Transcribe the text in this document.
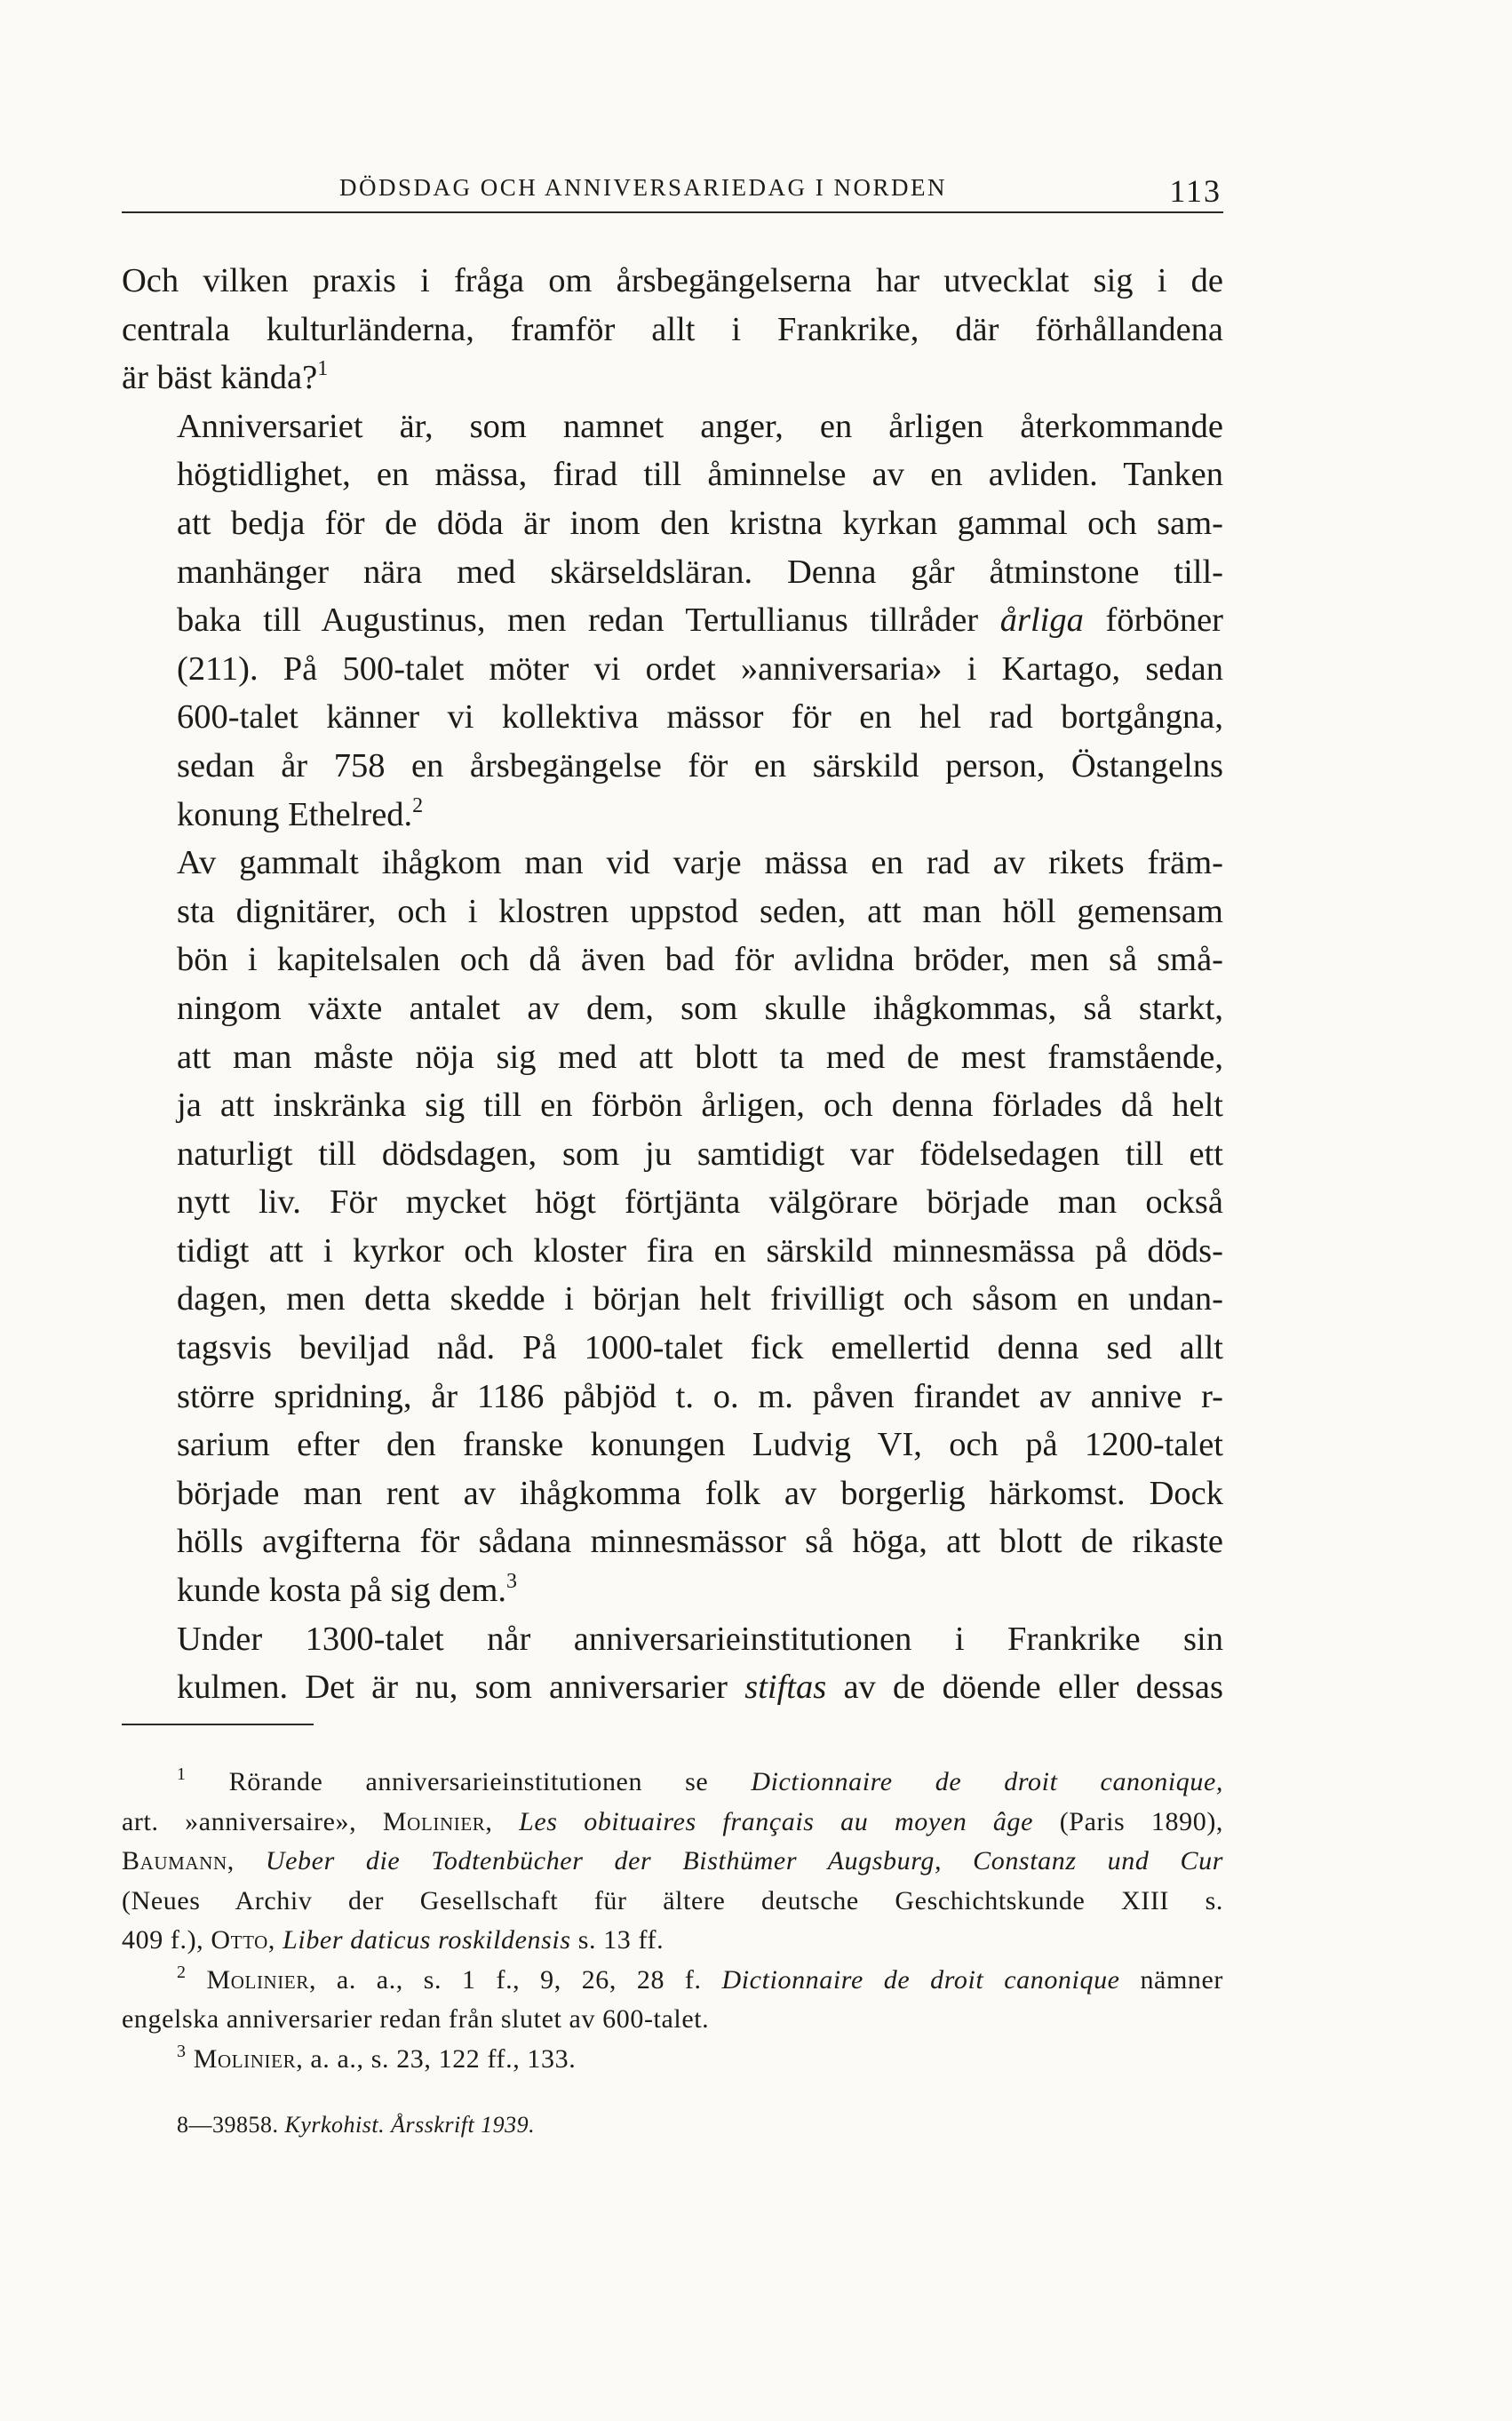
DÖDSDAG OCH ANNIVERSARIEDAG I NORDEN	113

Och vilken praxis i fråga om årsbegängelserna har utvecklat sig i de
centrala kulturländerna, framför allt i Frankrike, där förhållandena
är bäst kända?$^1$

Anniversariet är, som namnet anger, en årligen återkommande
högtidlighet, en mässa, firad till åminnelse av en avliden. Tanken
att bedja för de döda är inom den kristna kyrkan gammal och sam-
manhänger nära med skärseldsläran. Denna går åtminstone till-
baka till Augustinus, men redan Tertullianus tillråder årliga förböner
(211). På 500-talet möter vi ordet »anniversaria» i Kartago, sedan
600-talet känner vi kollektiva mässor för en hel rad bortgångna,
sedan år 758 en årsbegängelse för en särskild person, Östangelns
konung Ethelred.$^2$

Av gammalt ihågkom man vid varje mässa en rad av rikets främ-
sta dignitärer, och i klostren uppstod seden, att man höll gemensam
bön i kapitelsalen och då även bad för avlidna bröder, men så små-
ningom växte antalet av dem, som skulle ihågkommas, så starkt,
att man måste nöja sig med att blott ta med de mest framstående,
ja att inskränka sig till en förbön årligen, och denna förlades då helt
naturligt till dödsdagen, som ju samtidigt var födelsedagen till ett
nytt liv. För mycket högt förtjänta välgörare började man också
tidigt att i kyrkor och kloster fira en särskild minnesmässa på döds-
dagen, men detta skedde i början helt frivilligt och såsom en undan-
tagsvis beviljad nåd. På 1000-talet fick emellertid denna sed allt
större spridning, år 1186 påbjöd t. o. m. påven firandet av annive r-
sarium efter den franske konungen Ludvig VI, och på 1200-talet
började man rent av ihågkomma folk av borgerlig härkomst. Dock
hölls avgifterna för sådana minnesmässor så höga, att blott de rikaste
kunde kosta på sig dem.$^3$

Under 1300-talet når anniversarieinstitutionen i Frankrike sin
kulmen. Det är nu, som anniversarier stiftas av de döende eller dessas

$^1$ Rörande anniversarieinstitutionen se Dictionnaire de droit canonique,
art. »anniversaire», Molinier, Les obituaires français au moyen âge (Paris 1890),
Baumann, Ueber die Todtenbücher der Bisthümer Augsburg, Constanz und Cur
(Neues Archiv der Gesellschaft für ältere deutsche Geschichtskunde XIII s.
409 f.), Otto, Liber daticus roskildensis s. 13 ff.
$^2$ Molinier, a. a., s. 1 f., 9, 26, 28 f. Dictionnaire de droit canonique nämner
engelska anniversarier redan från slutet av 600-talet.
$^3$ Molinier, a. a., s. 23, 122 ff., 133.
8—39858. Kyrkohist. Årsskrift 1939.
